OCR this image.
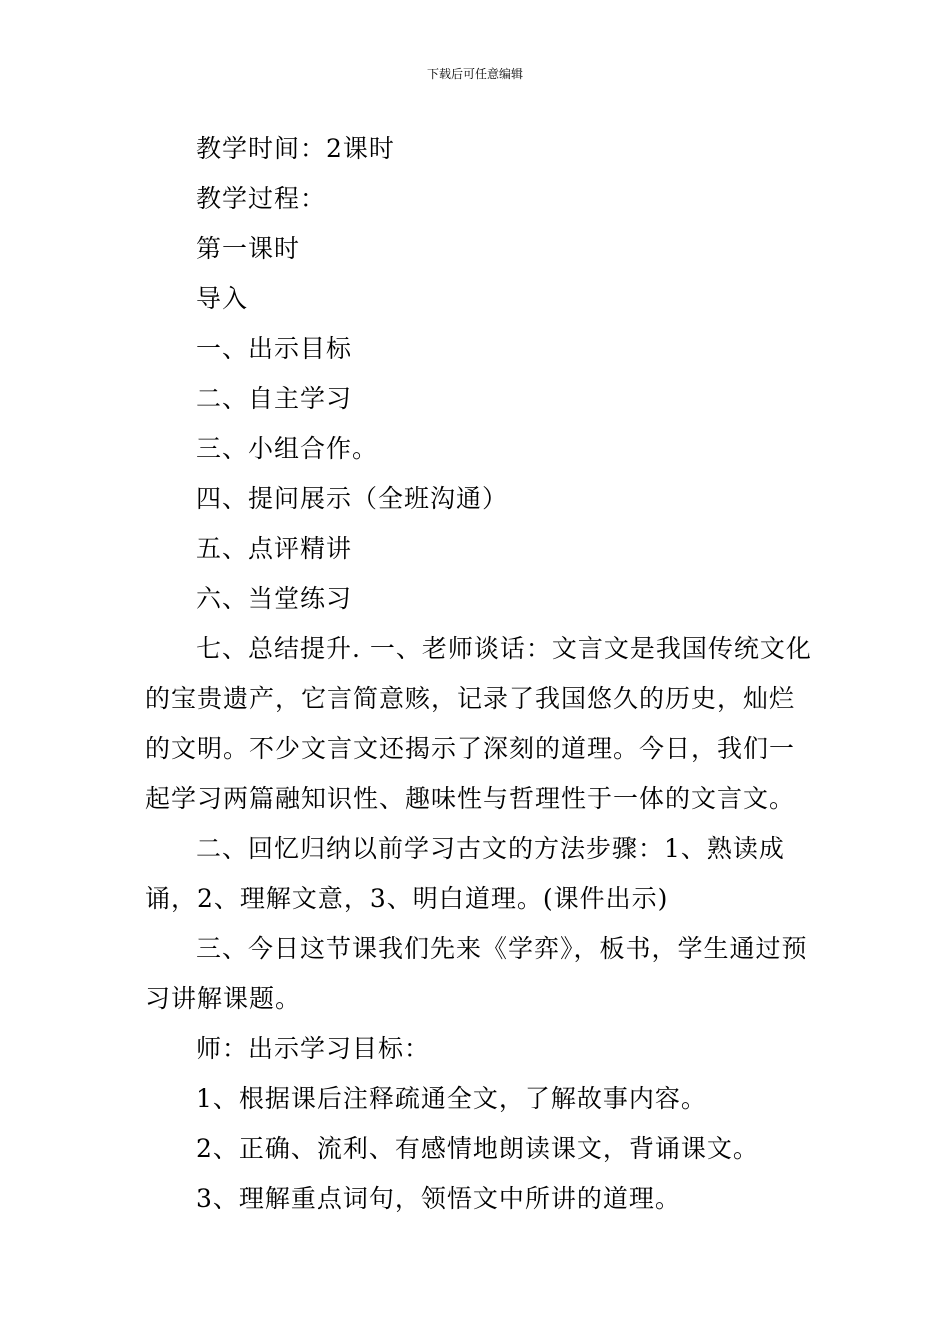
下载后可任意编辑

教学时间：2课时

教学过程：

第一课时

导入

一、出示目标

二、自主学习

三、小组合作。

四、提问展示（全班沟通）

五、点评精讲

六、当堂练习

七、总结提升. 一、老师谈话：文言文是我国传统文化的宝贵遗产，它言简意赅，记录了我国悠久的历史，灿烂的文明。不少文言文还揭示了深刻的道理。今日，我们一起学习两篇融知识性、趣味性与哲理性于一体的文言文。

二、回忆归纳以前学习古文的方法步骤：1、熟读成诵，2、理解文意，3、明白道理。(课件出示)

三、今日这节课我们先来《学弈》，板书，学生通过预习讲解课题。

师：出示学习目标：

1、根据课后注释疏通全文，了解故事内容。

2、正确、流利、有感情地朗读课文，背诵课文。

3、理解重点词句，领悟文中所讲的道理。
